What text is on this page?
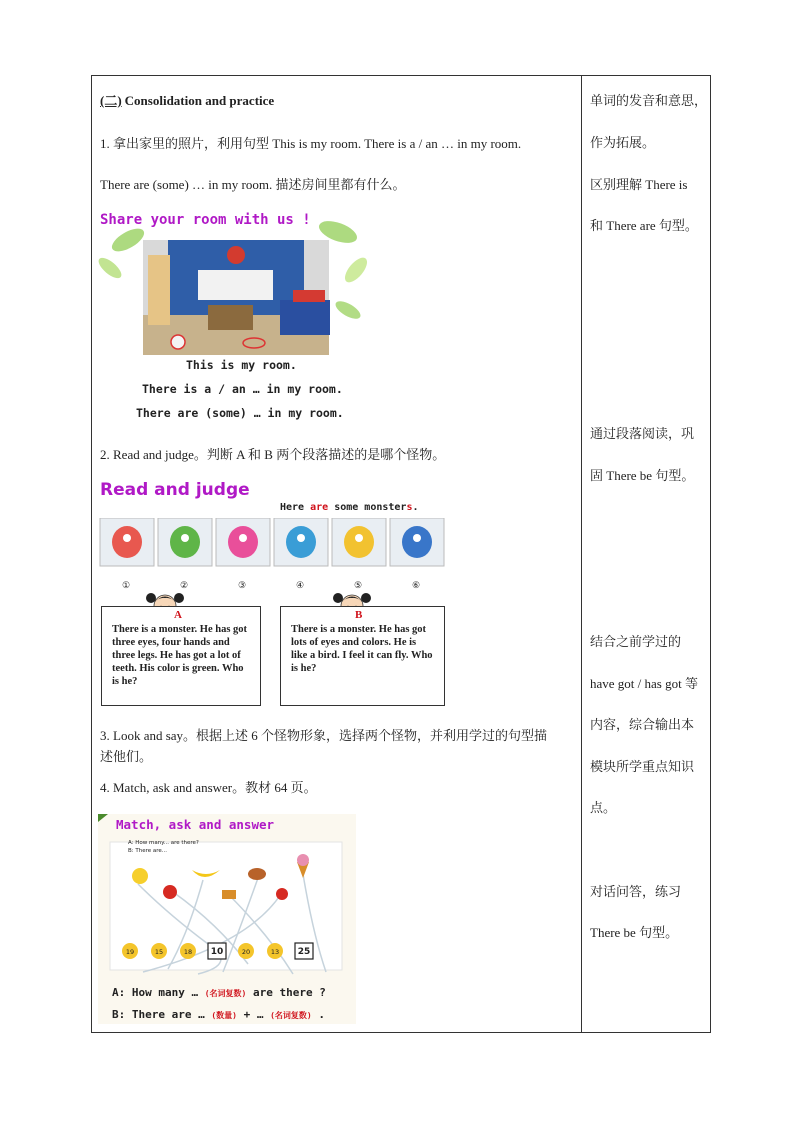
(二) Consolidation and practice
1. 拿出家里的照片，利用句型 This is my room. There is a / an … in my room.
There are (some) … in my room. 描述房间里都有什么。
Share your room with us !
This is my room.
There is a / an … in my room.
There are (some) … in my room.
2. Read and judge。判断 A 和 B 两个段落描述的是哪个怪物。
Read and judge
Here are some monsters.
①	②	③	④	⑤	⑥
A
There is a monster. He has got three eyes, four hands and three legs. He has got a lot of teeth. His color is green. Who is he?
B
There is a monster. He has got lots of eyes and colors. He is like a bird. I feel it can fly. Who is he?
3. Look and say。根据上述 6 个怪物形象，选择两个怪物，并利用学过的句型描
述他们。
4. Match, ask and answer。教材 64 页。
19	15	18 10	20	13 25
A: How many... are there?
B: There are...
Match, ask and answer
A: How many … (名词复数) are there ?
B: There are … (数量) + … (名词复数) .
单词的发音和意思，
作为拓展。
区别理解 There is
和 There are 句型。
通过段落阅读，巩
固 There be 句型。
结合之前学过的
have got / has got 等
内容，综合输出本
模块所学重点知识
点。
对话问答，练习
There be 句型。
